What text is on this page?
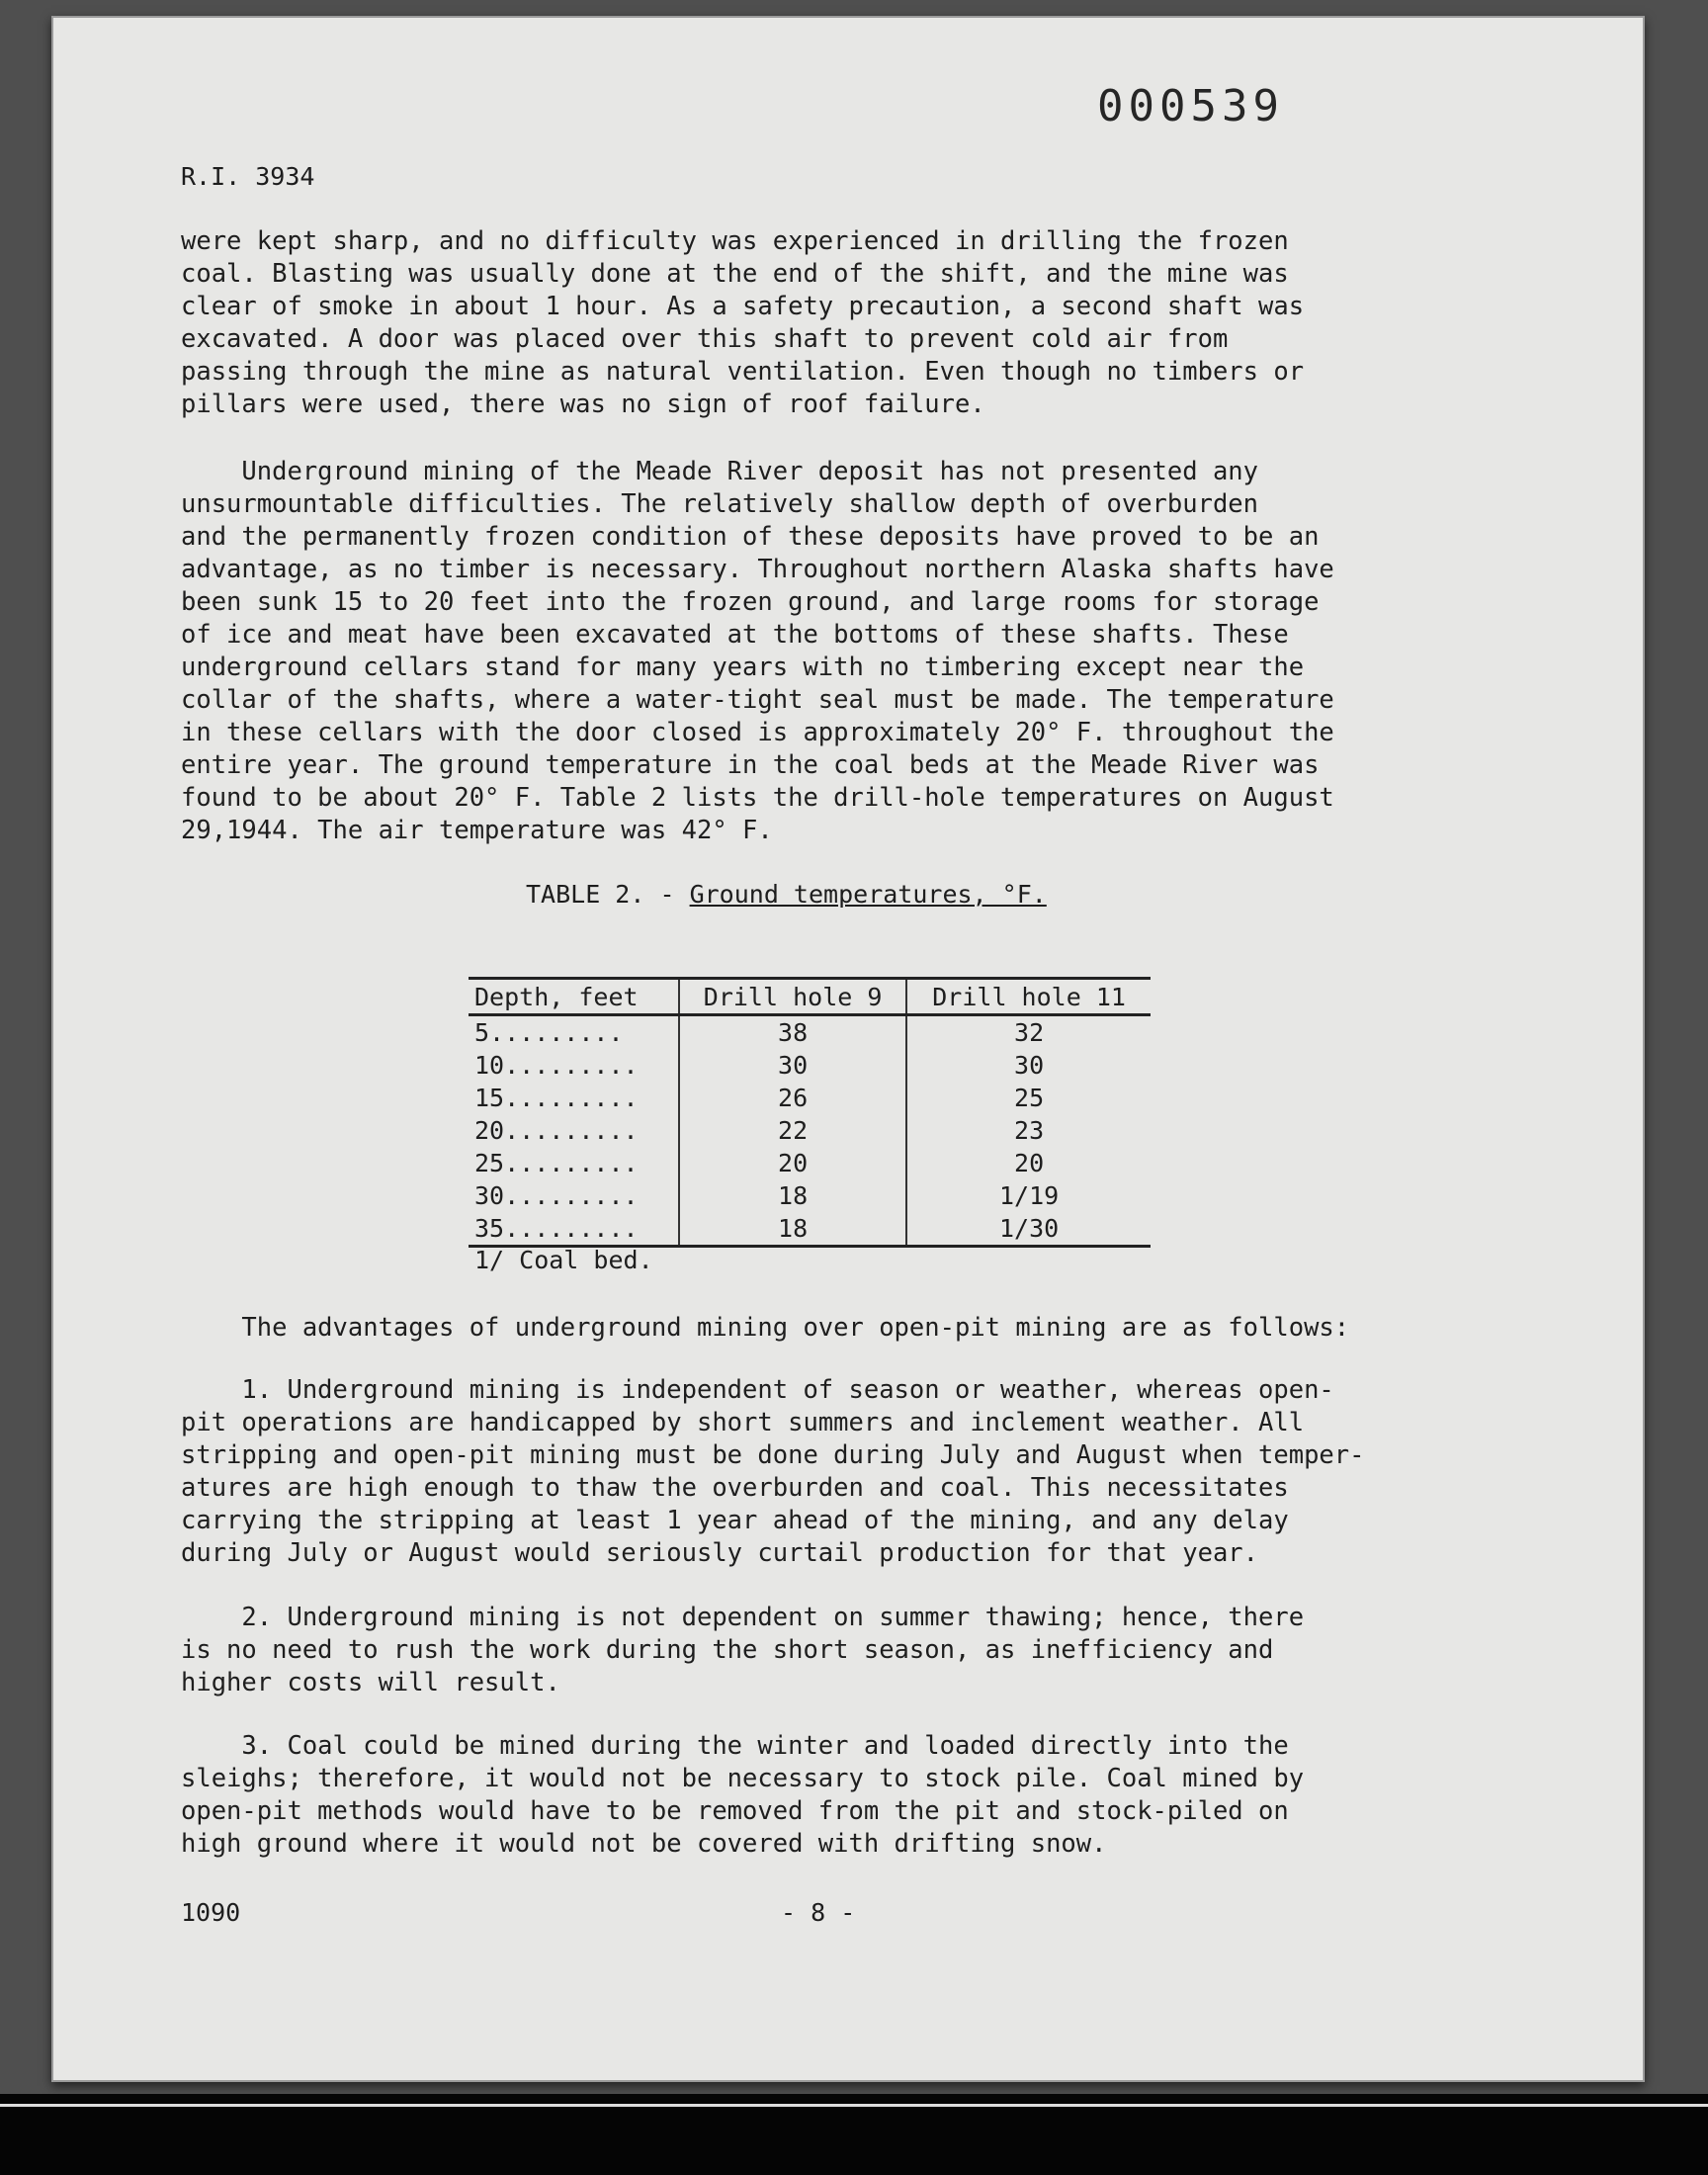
000539
R.I. 3934
were kept sharp, and no difficulty was experienced in drilling the frozen
coal. Blasting was usually done at the end of the shift, and the mine was
clear of smoke in about 1 hour. As a safety precaution, a second shaft was
excavated. A door was placed over this shaft to prevent cold air from
passing through the mine as natural ventilation. Even though no timbers or
pillars were used, there was no sign of roof failure.
Underground mining of the Meade River deposit has not presented any
unsurmountable difficulties. The relatively shallow depth of overburden
and the permanently frozen condition of these deposits have proved to be an
advantage, as no timber is necessary. Throughout northern Alaska shafts have
been sunk 15 to 20 feet into the frozen ground, and large rooms for storage
of ice and meat have been excavated at the bottoms of these shafts. These
underground cellars stand for many years with no timbering except near the
collar of the shafts, where a water-tight seal must be made. The temperature
in these cellars with the door closed is approximately 20° F. throughout the
entire year. The ground temperature in the coal beds at the Meade River was
found to be about 20° F. Table 2 lists the drill-hole temperatures on August
29,1944. The air temperature was 42° F.
TABLE 2. - Ground temperatures, °F.
Depth, feet	Drill hole 9	Drill hole 11
5.........	38	32
10.........	30	30
15.........	26	25
20.........	22	23
25.........	20	20
30.........	18	1/19
35.........	18	1/30
1/ Coal bed.
The advantages of underground mining over open-pit mining are as follows:
1. Underground mining is independent of season or weather, whereas open-
pit operations are handicapped by short summers and inclement weather. All
stripping and open-pit mining must be done during July and August when temper-
atures are high enough to thaw the overburden and coal. This necessitates
carrying the stripping at least 1 year ahead of the mining, and any delay
during July or August would seriously curtail production for that year.
2. Underground mining is not dependent on summer thawing; hence, there
is no need to rush the work during the short season, as inefficiency and
higher costs will result.
3. Coal could be mined during the winter and loaded directly into the
sleighs; therefore, it would not be necessary to stock pile. Coal mined by
open-pit methods would have to be removed from the pit and stock-piled on
high ground where it would not be covered with drifting snow.
1090	- 8 -
